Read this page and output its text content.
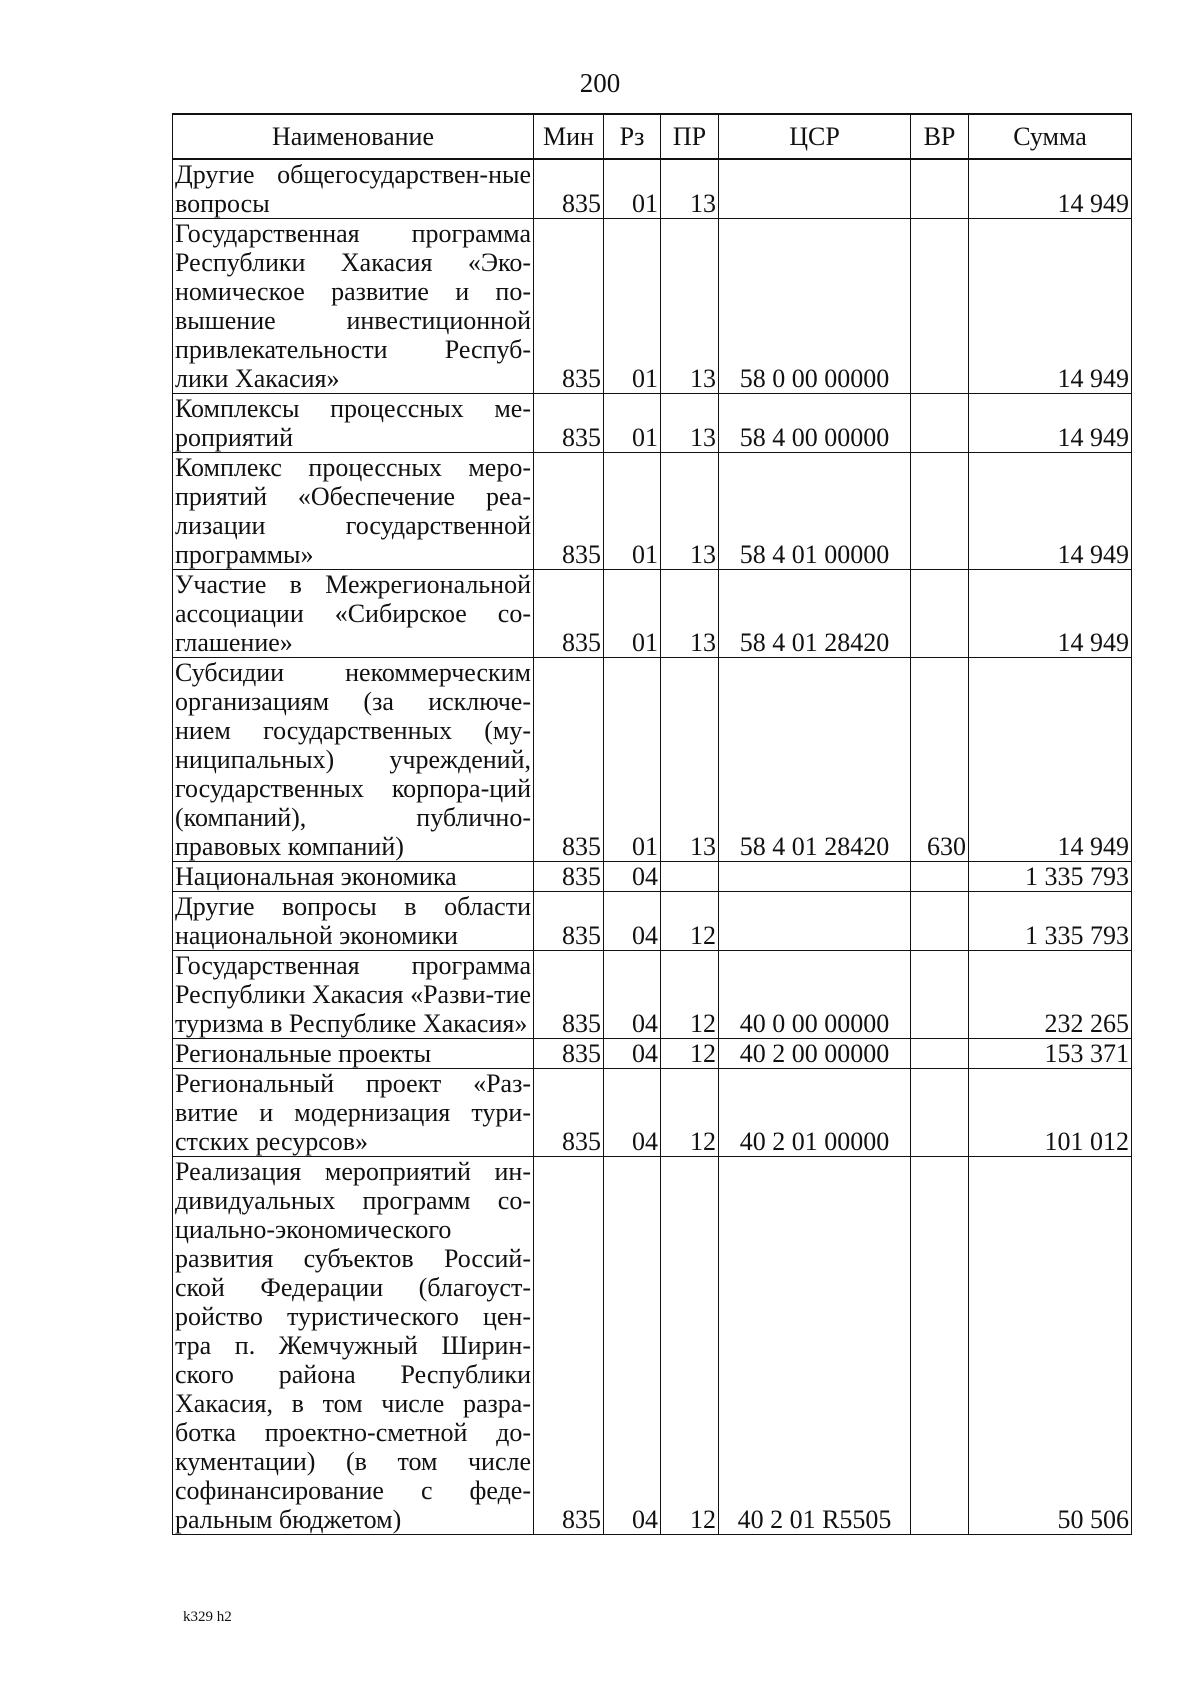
200
Наименование	Мин	Рз	ПР	ЦСР	ВР	Сумма
Другие общегосударствен-ные вопросы	835	01	13			14 949
Государственная программа Республики Хакасия «Эко-номическое развитие и по-вышение инвестиционной привлекательности Респуб-лики Хакасия»	835	01	13	58 0 00 00000		14 949
Комплексы процессных ме-роприятий	835	01	13	58 4 00 00000		14 949
Комплекс процессных меро-приятий «Обеспечение реа-лизации государственной программы»	835	01	13	58 4 01 00000		14 949
Участие в Межрегиональной ассоциации «Сибирское со-глашение»	835	01	13	58 4 01 28420		14 949
Субсидии некоммерческим организациям (за исключе-нием государственных (му-ниципальных) учреждений, государственных корпора-ций (компаний), публично-правовых компаний)	835	01	13	58 4 01 28420	630	14 949
Национальная экономика	835	04				1 335 793
Другие вопросы в области национальной экономики	835	04	12			1 335 793
Государственная программа Республики Хакасия «Разви-тие туризма в Республике Хакасия»	835	04	12	40 0 00 00000		232 265
Региональные проекты	835	04	12	40 2 00 00000		153 371
Региональный проект «Раз-витие и модернизация тури-стских ресурсов»	835	04	12	40 2 01 00000		101 012
Реализация мероприятий ин-дивидуальных программ со-циально-экономического развития субъектов Россий-ской Федерации (благоуст-ройство туристического цен-тра п. Жемчужный Ширин-ского района Республики Хакасия, в том числе разра-ботка проектно-сметной до-кументации) (в том числе софинансирование с феде-ральным бюджетом)	835	04	12	40 2 01 R5505		50 506
k329 h2
